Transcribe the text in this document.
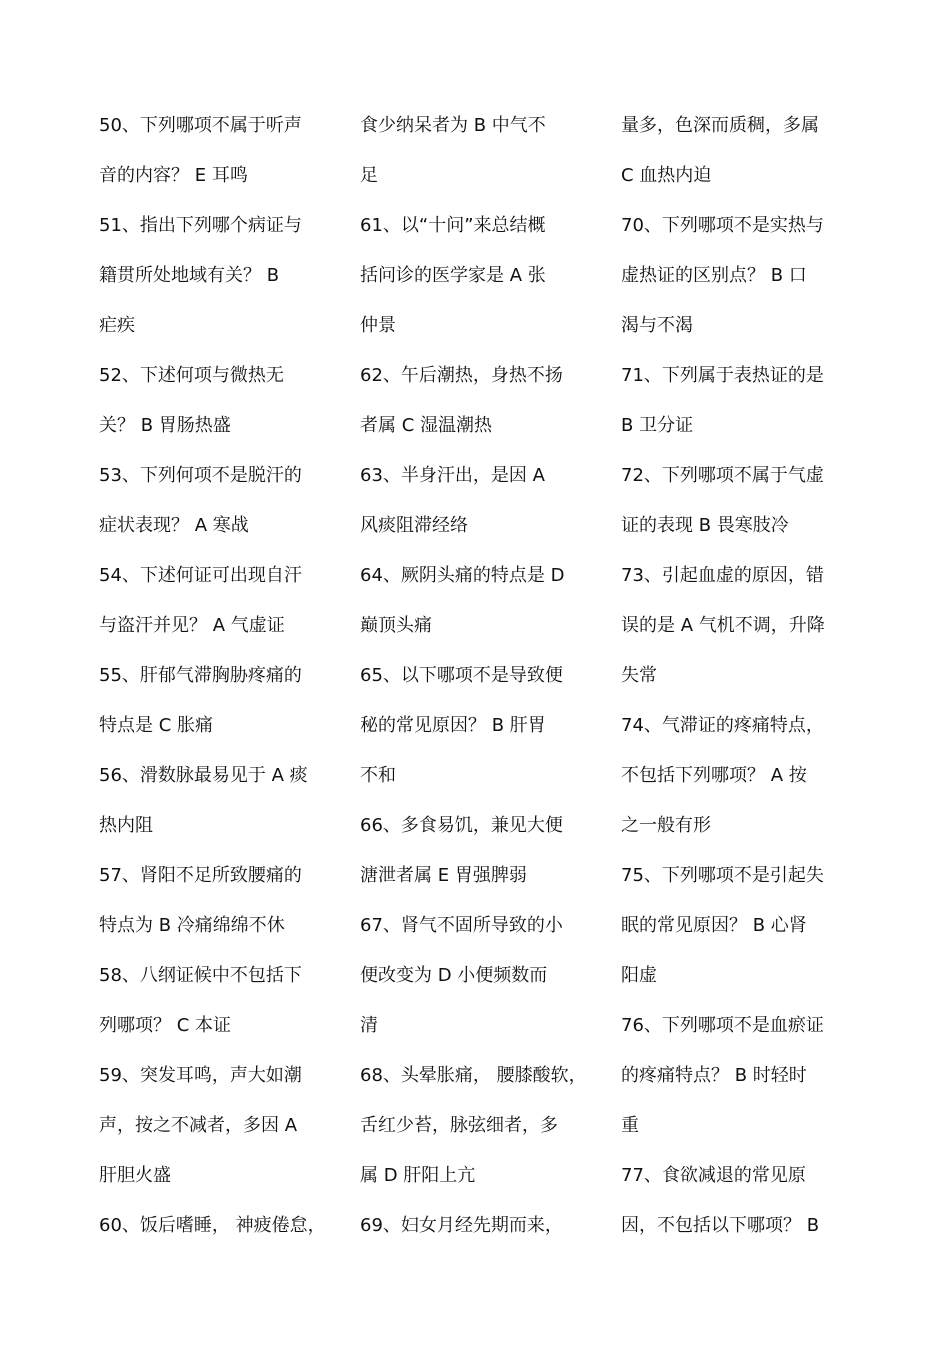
50、下列哪项不属于听声
音的内容？ E 耳鸣
51、指出下列哪个病证与
籍贯所处地域有关？ B
疟疾
52、下述何项与微热无
关？ B 胃肠热盛
53、下列何项不是脱汗的
症状表现？ A 寒战
54、下述何证可出现自汗
与盗汗并见？ A 气虚证
55、肝郁气滞胸胁疼痛的
特点是 C 胀痛
56、滑数脉最易见于 A 痰
热内阻
57、肾阳不足所致腰痛的
特点为 B 冷痛绵绵不休
58、八纲证候中不包括下
列哪项？ C 本证
59、突发耳鸣，声大如潮
声，按之不减者，多因 A
肝胆火盛
60、饭后嗜睡， 神疲倦怠，
食少纳呆者为 B 中气不
足
61、以“十问”来总结概
括问诊的医学家是 A 张
仲景
62、午后潮热，身热不扬
者属 C 湿温潮热
63、半身汗出，是因 A
风痰阻滞经络
64、厥阴头痛的特点是 D
巅顶头痛
65、以下哪项不是导致便
秘的常见原因？ B 肝胃
不和
66、多食易饥，兼见大便
溏泄者属 E 胃强脾弱
67、肾气不固所导致的小
便改变为 D 小便频数而
清
68、头晕胀痛， 腰膝酸软，
舌红少苔，脉弦细者，多
属 D 肝阳上亢
69、妇女月经先期而来，
量多，色深而质稠，多属
C 血热内迫
70、下列哪项不是实热与
虚热证的区别点？ B 口
渴与不渴
71、下列属于表热证的是
B 卫分证
72、下列哪项不属于气虚
证的表现 B 畏寒肢冷
73、引起血虚的原因，错
误的是 A 气机不调，升降
失常
74、气滞证的疼痛特点，
不包括下列哪项？ A 按
之一般有形
75、下列哪项不是引起失
眠的常见原因？ B 心肾
阳虚
76、下列哪项不是血瘀证
的疼痛特点？ B 时轻时
重
77、食欲减退的常见原
因，不包括以下哪项？ B
